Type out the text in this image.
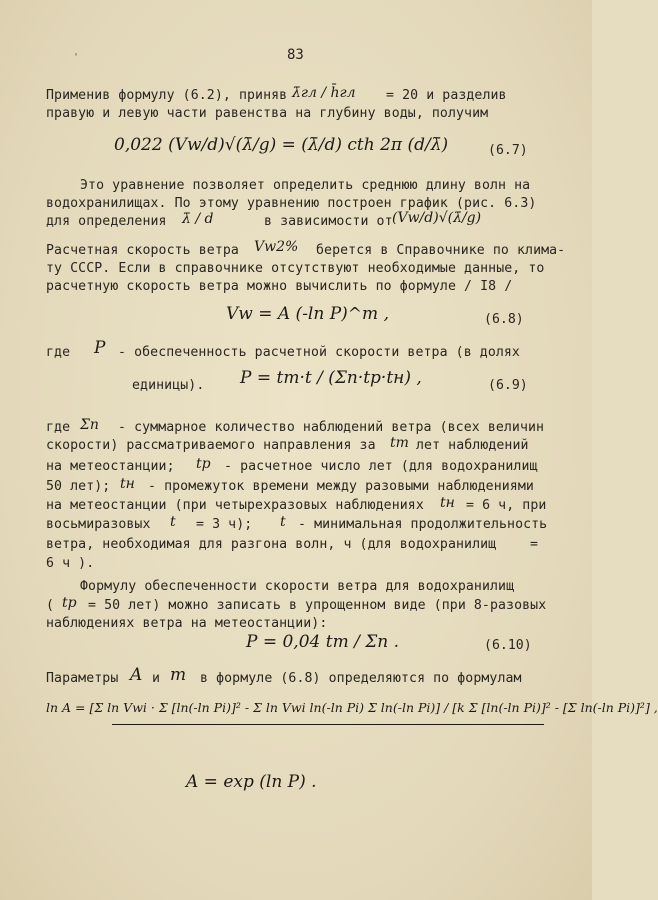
'	83
Применив формулу (6.2), приняв λ̄гл / h̄гл = 20 и разделив
правую и левую части равенства на глубину воды, получим
0,022 (Vw/d)√(λ̄/g) = (λ̄/d) cth 2π (d/λ̄)	(6.7)
Это уравнение позволяет определить среднюю длину волн на
водохранилищах. По этому уравнению построен график (рис. 6.3)
для определения λ̄ / d	в зависимости от (Vw/d)√(λ̄/g)
Расчетная скорость ветра Vw2% берется в Справочнике по клима-
ту СССР. Если в справочнике отсутствуют необходимые данные, то
расчетную скорость ветра можно вычислить по формуле / I8 /
Vw = A (-ln P)^m ,	(6.8)
где P - обеспеченность расчетной скорости ветра (в долях
единицы). P = tm·t / (Σn·tp·tн) ,	(6.9)
где Σn - суммарное количество наблюдений ветра (всех величин
скорости) рассматриваемого направления за tm лет наблюдений
на метеостанции; tp - расчетное число лет (для водохранилищ
50 лет); tн - промежуток времени между разовыми наблюдениями
на метеостанции (при четырехразовых наблюдениях tн = 6 ч, при
восьмиразовых t = 3 ч); t - минимальная продолжительность
ветра, необходимая для разгона волн, ч (для водохранилищ	=
6 ч ).
Формулу обеспеченности скорости ветра для водохранилищ
( tp = 50 лет) можно записать в упрощенном виде (при 8-разовых
наблюдениях ветра на метеостанции):
P = 0,04 tm / Σn .	(6.10)
Параметры A и m в формуле (6.8) определяются по формулам
ln A = [Σ ln Vwi · Σ [ln(-ln Pi)]² - Σ ln Vwi ln(-ln Pi) Σ ln(-ln Pi)] / [k Σ [ln(-ln Pi)]² - [Σ ln(-ln Pi)]²] ,
A = exp (ln P) .
